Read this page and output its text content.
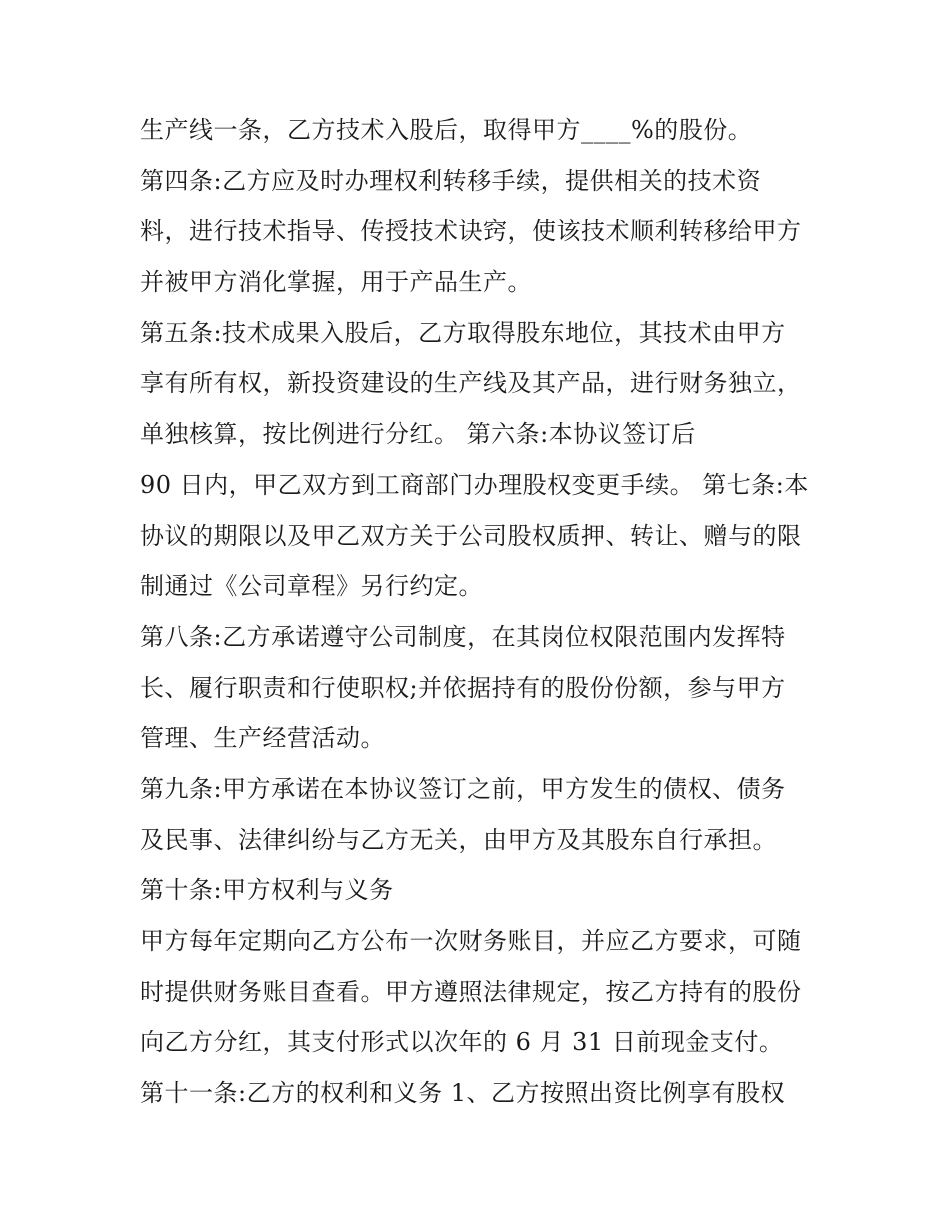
生产线一条，乙方技术入股后，取得甲方____%的股份。
第四条:乙方应及时办理权利转移手续，提供相关的技术资
料，进行技术指导、传授技术诀窍，使该技术顺利转移给甲方
并被甲方消化掌握，用于产品生产。
第五条:技术成果入股后，乙方取得股东地位，其技术由甲方
享有所有权，新投资建设的生产线及其产品，进行财务独立，
单独核算，按比例进行分红。 第六条:本协议签订后
90 日内，甲乙双方到工商部门办理股权变更手续。 第七条:本
协议的期限以及甲乙双方关于公司股权质押、转让、赠与的限
制通过《公司章程》另行约定。
第八条:乙方承诺遵守公司制度，在其岗位权限范围内发挥特
长、履行职责和行使职权;并依据持有的股份份额，参与甲方
管理、生产经营活动。
第九条:甲方承诺在本协议签订之前，甲方发生的债权、债务
及民事、法律纠纷与乙方无关，由甲方及其股东自行承担。
第十条:甲方权利与义务
甲方每年定期向乙方公布一次财务账目，并应乙方要求，可随
时提供财务账目查看。甲方遵照法律规定，按乙方持有的股份
向乙方分红，其支付形式以次年的 6 月 31 日前现金支付。
第十一条:乙方的权利和义务 1、乙方按照出资比例享有股权
